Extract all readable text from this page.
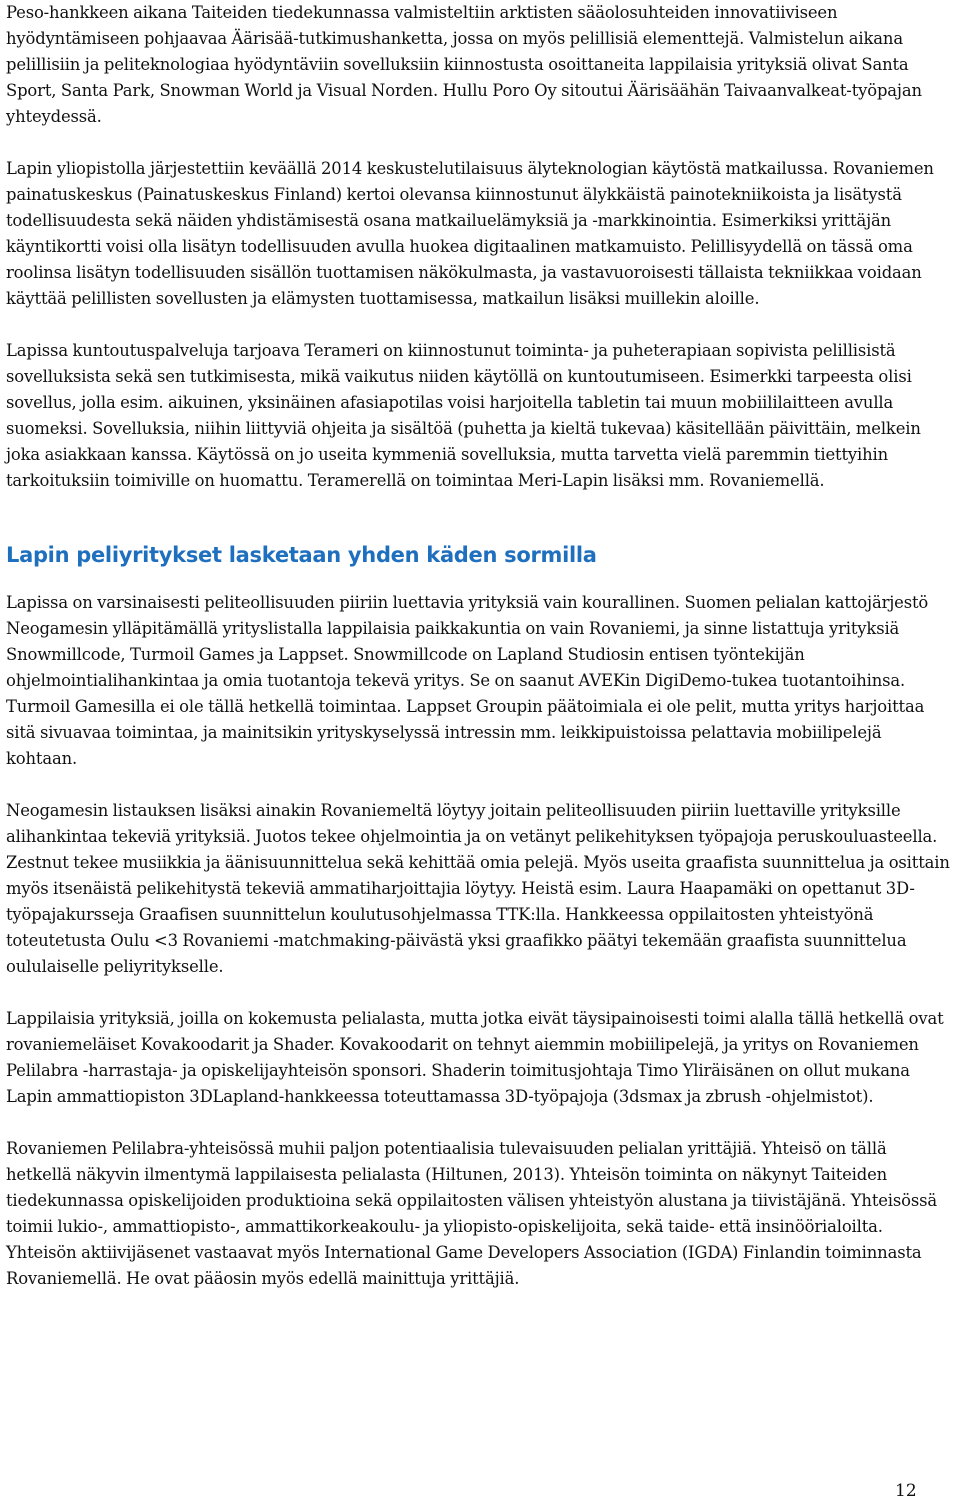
Peso-hankkeen aikana Taiteiden tiedekunnassa valmisteltiin arktisten sääolosuhteiden innovatiiviseen hyödyntämiseen pohjaavaa Äärisää-tutkimushanketta, jossa on myös pelillisiä elementtejä. Valmistelun aikana pelillisiin ja peliteknologiaa hyödyntäviin sovelluksiin kiinnostusta osoittaneita lappilaisia yrityksiä olivat Santa Sport, Santa Park, Snowman World ja Visual Norden. Hullu Poro Oy sitoutui Äärisäähän Taivaanvalkeat-työpajan yhteydessä.

Lapin yliopistolla järjestettiin keväällä 2014 keskustelutilaisuus älyteknologian käytöstä matkailussa. Rovaniemen painatuskeskus (Painatuskeskus Finland) kertoi olevansa kiinnostunut älykkäistä painotekniikoista ja lisätystä todellisuudesta sekä näiden yhdistämisestä osana matkailuelämyksiä ja -markkinointia. Esimerkiksi yrittäjän käyntikortti voisi olla lisätyn todellisuuden avulla huokea digitaalinen matkamuisto. Pelillisyydellä on tässä oma roolinsa lisätyn todellisuuden sisällön tuottamisen näkökulmasta, ja vastavuoroisesti tällaista tekniikkaa voidaan käyttää pelillisten sovellusten ja elämysten tuottamisessa, matkailun lisäksi muillekin aloille.

Lapissa kuntoutuspalveluja tarjoava Terameri on kiinnostunut toiminta- ja puheterapiaan sopivista pelillisistä sovelluksista sekä sen tutkimisesta, mikä vaikutus niiden käytöllä on kuntoutumiseen. Esimerkki tarpeesta olisi sovellus, jolla esim. aikuinen, yksinäinen afasiapotilas voisi harjoitella tabletin tai muun mobiililaitteen avulla suomeksi. Sovelluksia, niihin liittyviä ohjeita ja sisältöä (puhetta ja kieltä tukevaa) käsitellään päivittäin, melkein joka asiakkaan kanssa. Käytössä on jo useita kymmeniä sovelluksia, mutta tarvetta vielä paremmin tiettyihin tarkoituksiin toimiville on huomattu. Teramerellä on toimintaa Meri-Lapin lisäksi mm. Rovaniemellä.

Lapin peliyritykset lasketaan yhden käden sormilla

Lapissa on varsinaisesti peliteollisuuden piiriin luettavia yrityksiä vain kourallinen. Suomen pelialan kattojärjestö Neogamesin ylläpitämällä yrityslistalla lappilaisia paikkakuntia on vain Rovaniemi, ja sinne listattuja yrityksiä Snowmillcode, Turmoil Games ja Lappset. Snowmillcode on Lapland Studiosin entisen työntekijän ohjelmointialihankintaa ja omia tuotantoja tekevä yritys. Se on saanut AVEKin DigiDemo-tukea tuotantoihinsa. Turmoil Gamesilla ei ole tällä hetkellä toimintaa. Lappset Groupin päätoimiala ei ole pelit, mutta yritys harjoittaa sitä sivuavaa toimintaa, ja mainitsikin yrityskyselyssä intressin mm. leikkipuistoissa pelattavia mobiilipelejä kohtaan.

Neogamesin listauksen lisäksi ainakin Rovaniemeltä löytyy joitain peliteollisuuden piiriin luettaville yrityksille alihankintaa tekeviä yrityksiä. Juotos tekee ohjelmointia ja on vetänyt pelikehityksen työpajoja peruskouluasteella. Zestnut tekee musiikkia ja äänisuunnittelua sekä kehittää omia pelejä. Myös useita graafista suunnittelua ja osittain myös itsenäistä pelikehitystä tekeviä ammatiharjoittajia löytyy. Heistä esim. Laura Haapamäki on opettanut 3D-työpajakursseja Graafisen suunnittelun koulutusohjelmassa TTK:lla. Hankkeessa oppilaitosten yhteistyönä toteutetusta Oulu <3 Rovaniemi -matchmaking-päivästä yksi graafikko päätyi tekemään graafista suunnittelua oululaiselle peliyritykselle.

Lappilaisia yrityksiä, joilla on kokemusta pelialasta, mutta jotka eivät täysipainoisesti toimi alalla tällä hetkellä ovat rovaniemeläiset Kovakoodarit ja Shader. Kovakoodarit on tehnyt aiemmin mobiilipelejä, ja yritys on Rovaniemen Pelilabra -harrastaja- ja opiskelijayhteisön sponsori. Shaderin toimitusjohtaja Timo Yliräisänen on ollut mukana Lapin ammattiopiston 3DLapland-hankkeessa toteuttamassa 3D-työpajoja (3dsmax ja zbrush -ohjelmistot).

Rovaniemen Pelilabra-yhteisössä muhii paljon potentiaalisia tulevaisuuden pelialan yrittäjiä. Yhteisö on tällä hetkellä näkyvin ilmentymä lappilaisesta pelialasta (Hiltunen, 2013). Yhteisön toiminta on näkynyt Taiteiden tiedekunnassa opiskelijoiden produktioina sekä oppilaitosten välisen yhteistyön alustana ja tiivistäjänä. Yhteisössä toimii lukio-, ammattiopisto-, ammattikorkeakoulu- ja yliopisto-opiskelijoita, sekä taide- että insinöörialoilta. Yhteisön aktiivijäsenet vastaavat myös International Game Developers Association (IGDA) Finlandin toiminnasta Rovaniemellä. He ovat pääosin myös edellä mainittuja yrittäjiä.

12
